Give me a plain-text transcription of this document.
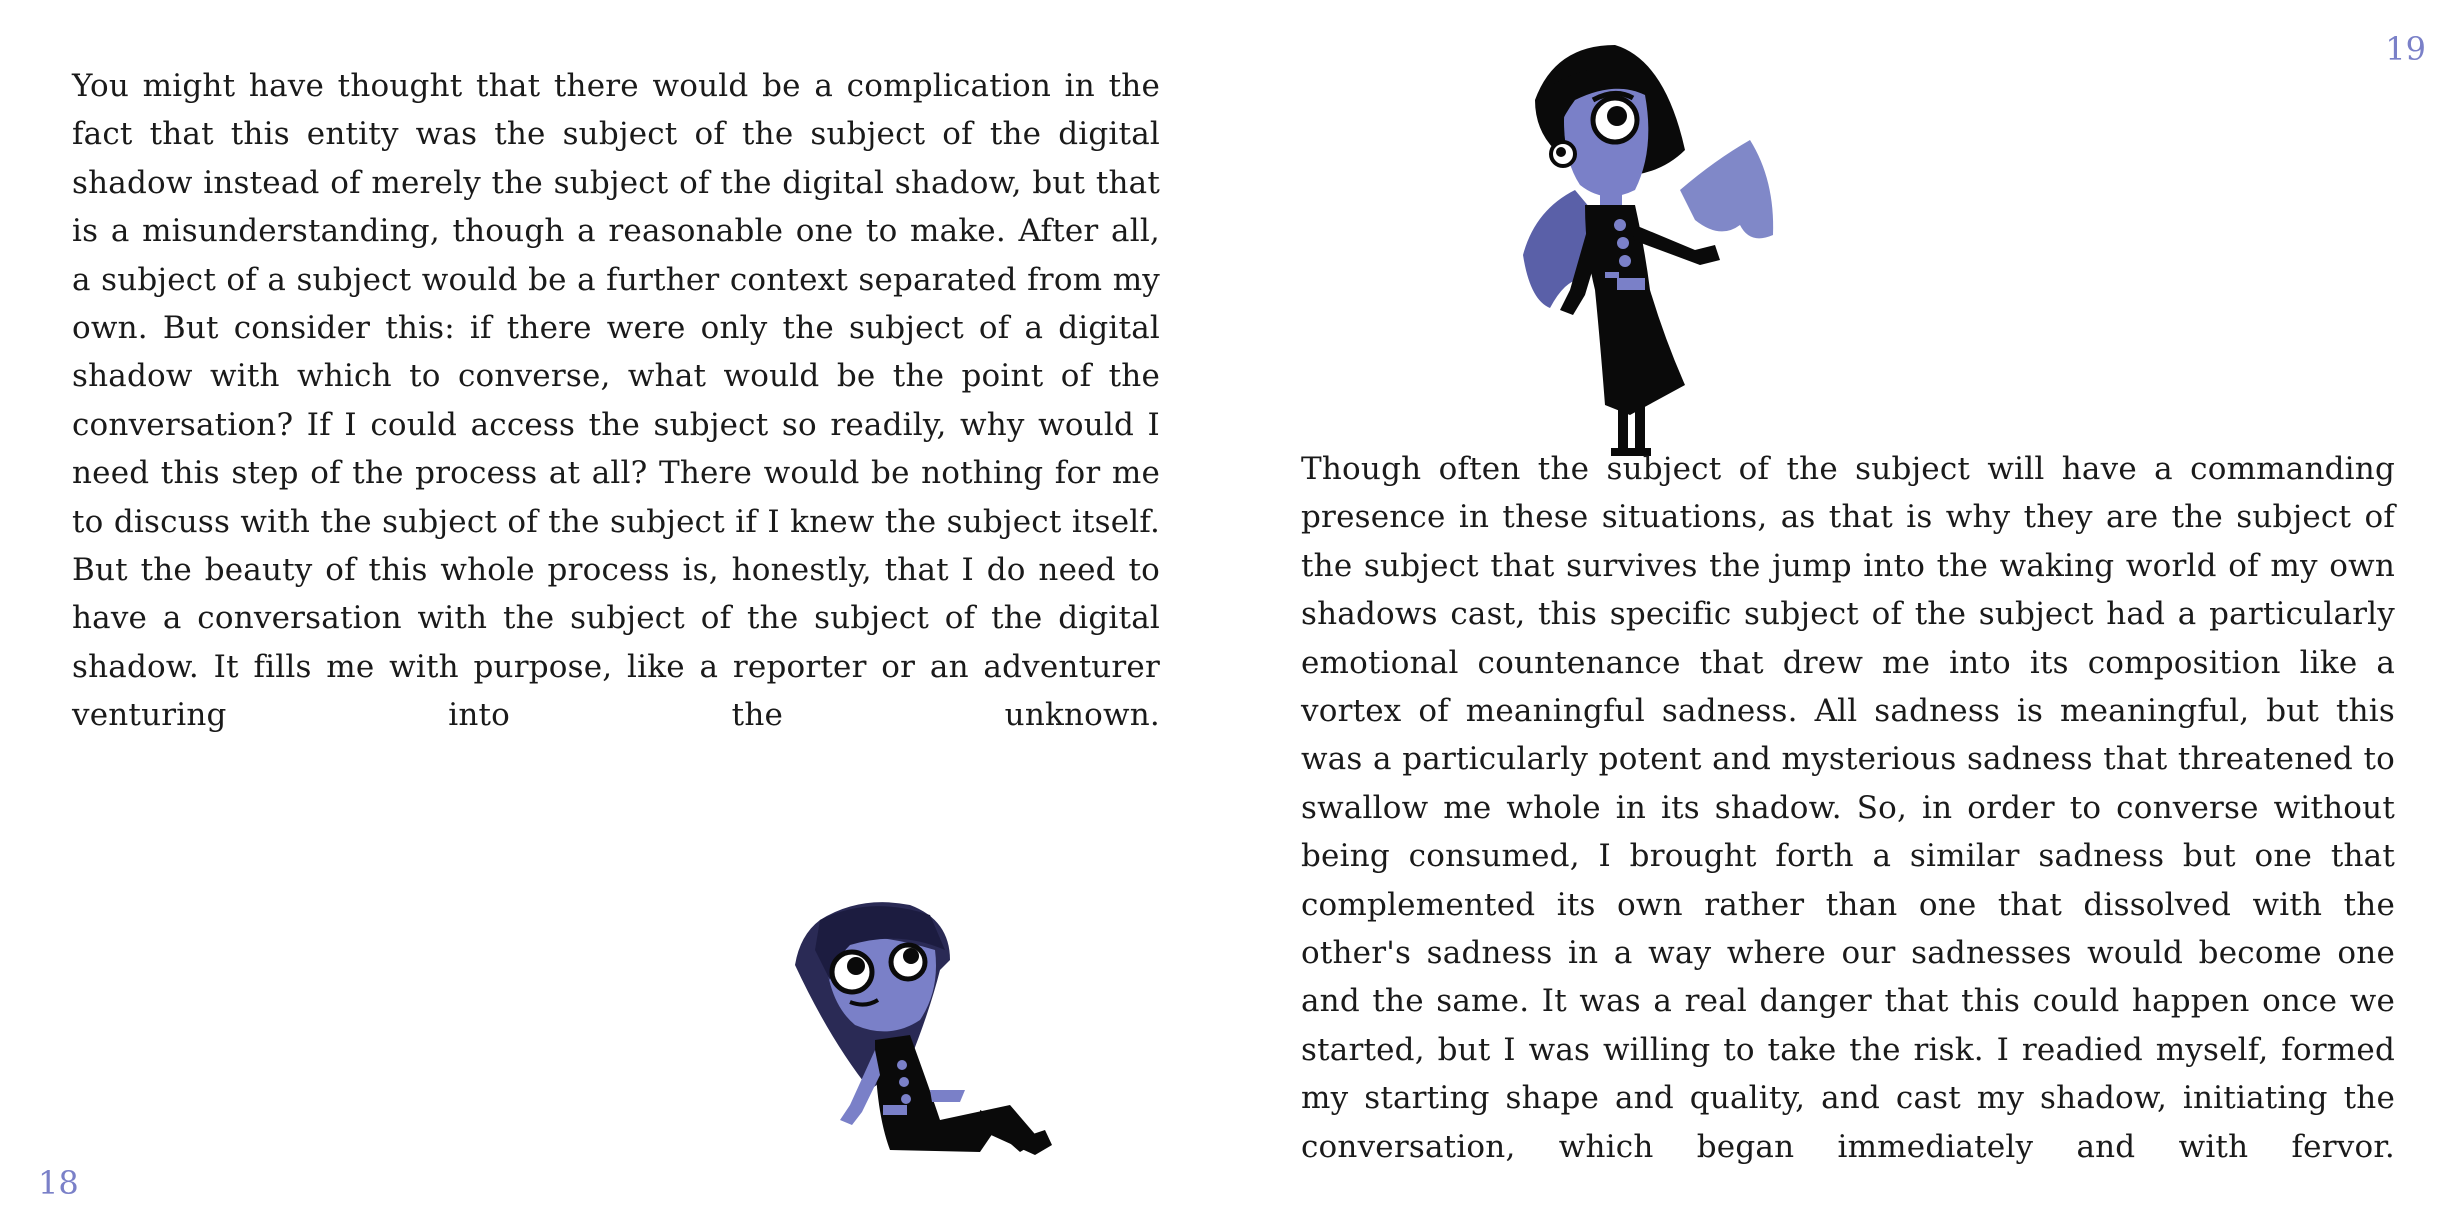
You might have thought that there would be a complication in the fact that this entity was the subject of the subject of the digital shadow instead of merely the subject of the digital shadow, but that is a misunderstanding, though a reasonable one to make. After all, a subject of a subject would be a further context separated from my own. But consider this: if there were only the subject of a digital shadow with which to converse, what would be the point of the conversation? If I could access the subject so readily, why would I need this step of the process at all? There would be nothing for me to discuss with the subject of the subject if I knew the subject itself. But the beauty of this whole process is, honestly, that I do need to have a conversation with the subject of the subject of the digital shadow. It fills me with purpose, like a reporter or an adventurer venturing into the unknown.

18

Though often the subject of the subject will have a commanding presence in these situations, as that is why they are the subject of the subject that survives the jump into the waking world of my own shadows cast, this specific subject of the subject had a particularly emotional countenance that drew me into its composition like a vortex of meaningful sadness. All sadness is meaningful, but this was a particularly potent and mysterious sadness that threatened to swallow me whole in its shadow. So, in order to converse without being consumed, I brought forth a similar sadness but one that complemented its own rather than one that dissolved with the other's sadness in a way where our sadnesses would become one and the same. It was a real danger that this could happen once we started, but I was willing to take the risk. I readied myself, formed my starting shape and quality, and cast my shadow, initiating the conversation, which began immediately and with fervor.

19
